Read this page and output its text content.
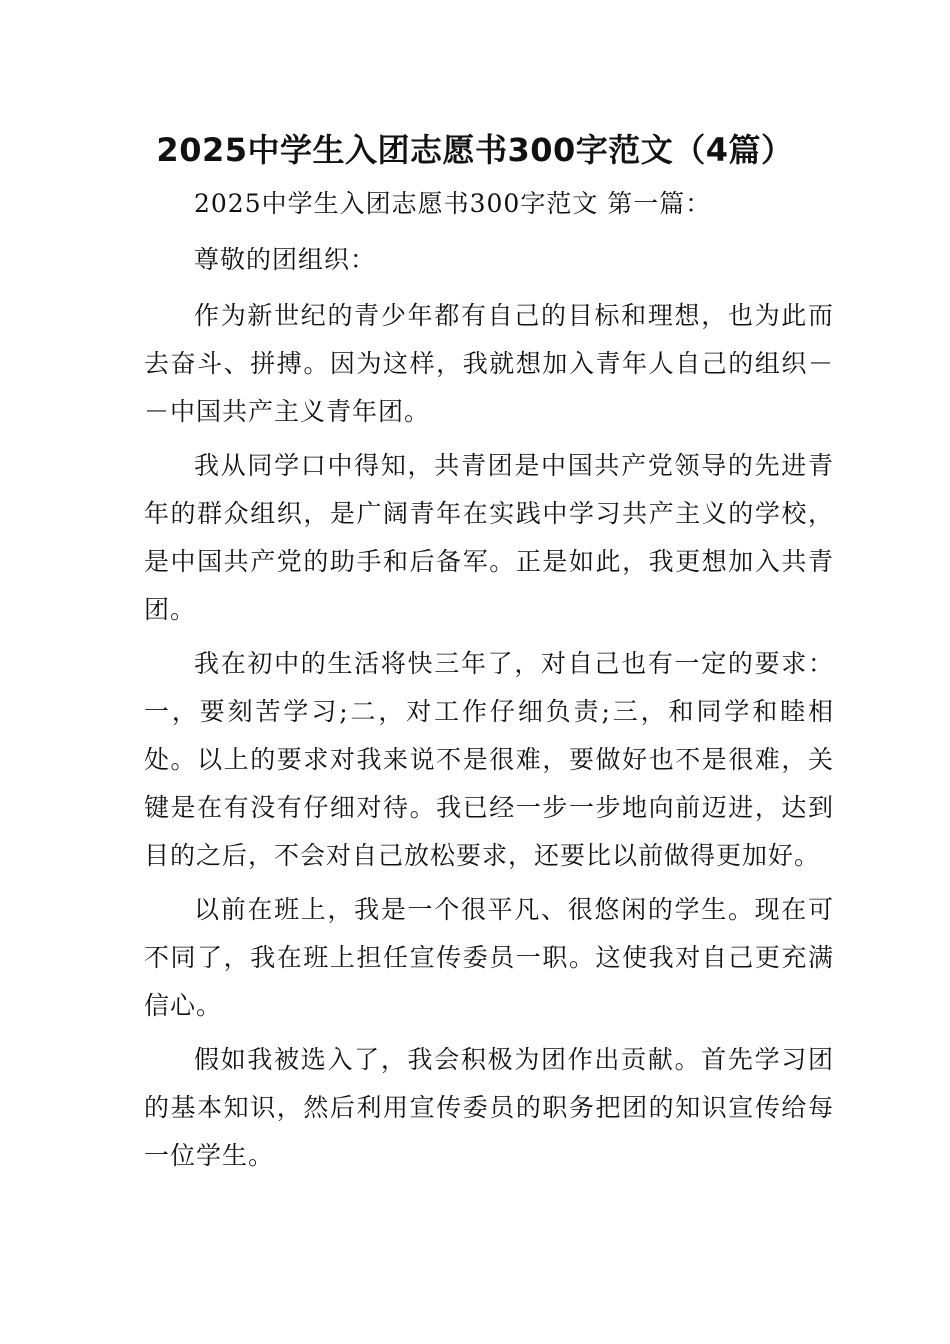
2025中学生入团志愿书300字范文（4篇）
2025中学生入团志愿书300字范文 第一篇：
尊敬的团组织：

作为新世纪的青少年都有自己的目标和理想，也为此而去奋斗、拼搏。因为这样，我就想加入青年人自己的组织－－中国共产主义青年团。

我从同学口中得知，共青团是中国共产党领导的先进青年的群众组织，是广阔青年在实践中学习共产主义的学校，是中国共产党的助手和后备军。正是如此，我更想加入共青团。

我在初中的生活将快三年了，对自己也有一定的要求：一，要刻苦学习;二，对工作仔细负责;三，和同学和睦相处。以上的要求对我来说不是很难，要做好也不是很难，关键是在有没有仔细对待。我已经一步一步地向前迈进，达到目的之后，不会对自己放松要求，还要比以前做得更加好。

以前在班上，我是一个很平凡、很悠闲的学生。现在可不同了，我在班上担任宣传委员一职。这使我对自己更充满信心。

假如我被选入了，我会积极为团作出贡献。首先学习团的基本知识，然后利用宣传委员的职务把团的知识宣传给每一位学生。
